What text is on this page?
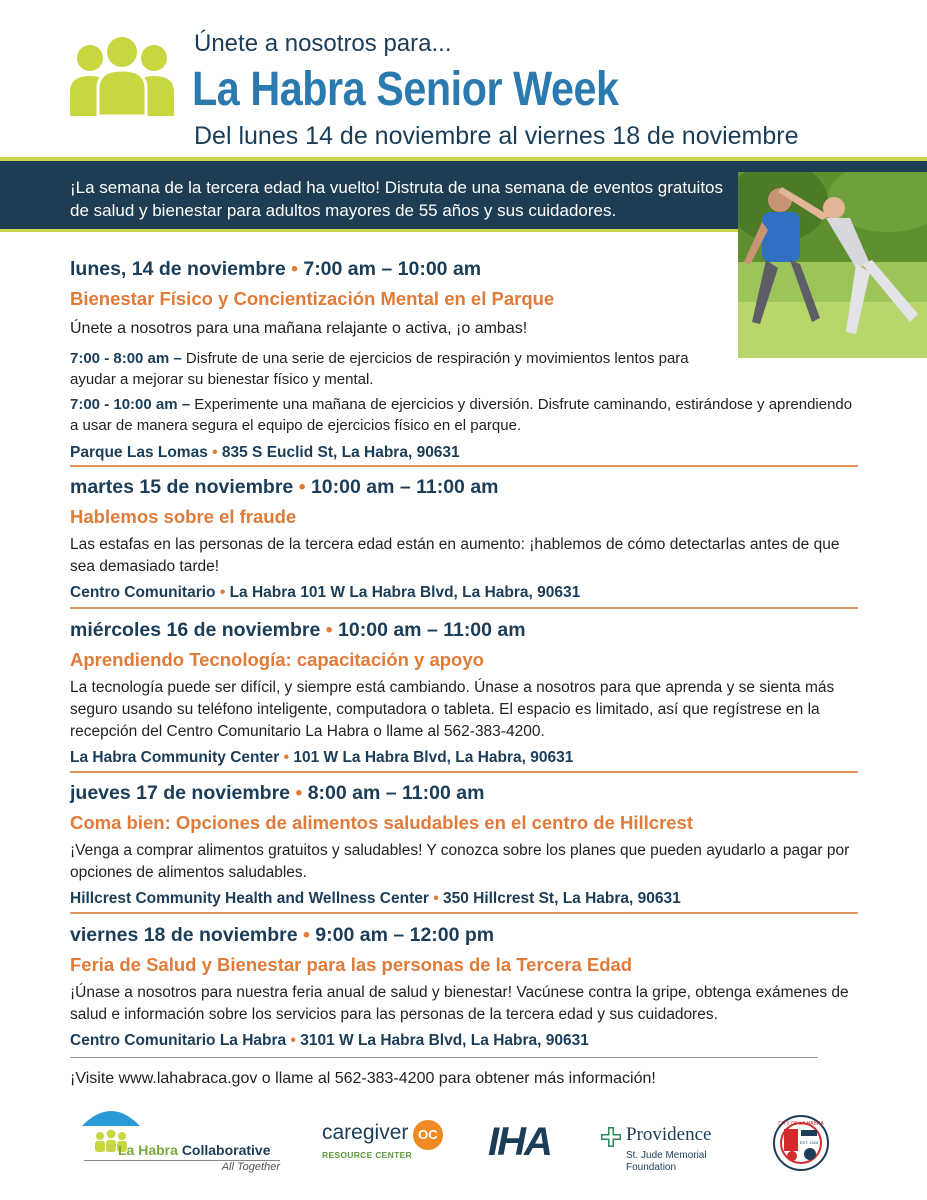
Únete a nosotros para...
La Habra Senior Week
Del lunes 14 de noviembre al viernes 18 de noviembre
¡La semana de la tercera edad ha vuelto! Distruta de una semana de eventos gratuitos de salud y bienestar para adultos mayores de 55 años y sus cuidadores.
lunes, 14 de noviembre • 7:00 am – 10:00 am
Bienestar Físico y Concientización Mental en el Parque
Únete a nosotros para una mañana relajante o activa, ¡o ambas!
7:00 - 8:00 am – Disfrute de una serie de ejercicios de respiración y movimientos lentos para ayudar a mejorar su bienestar físico y mental.
7:00 - 10:00 am – Experimente una mañana de ejercicios y diversión. Disfrute caminando, estirándose y aprendiendo a usar de manera segura el equipo de ejercicios físico en el parque.
Parque Las Lomas • 835 S Euclid St, La Habra, 90631
martes 15 de noviembre • 10:00 am – 11:00 am
Hablemos sobre el fraude
Las estafas en las personas de la tercera edad están en aumento: ¡hablemos de cómo detectarlas antes de que sea demasiado tarde!
Centro Comunitario • La Habra 101 W La Habra Blvd, La Habra, 90631
miércoles 16 de noviembre • 10:00 am – 11:00 am
Aprendiendo Tecnología: capacitación y apoyo
La tecnología puede ser difícil, y siempre está cambiando. Únase a nosotros para que aprenda y se sienta más seguro usando su teléfono inteligente, computadora o tableta. El espacio es limitado, así que regístrese en la recepción del Centro Comunitario La Habra o llame al 562-383-4200.
La Habra Community Center • 101 W La Habra Blvd, La Habra, 90631
jueves 17 de noviembre • 8:00 am – 11:00 am
Coma bien: Opciones de alimentos saludables en el centro de Hillcrest
¡Venga a comprar alimentos gratuitos y saludables! Y conozca sobre los planes que pueden ayudarlo a pagar por opciones de alimentos saludables.
Hillcrest Community Health and Wellness Center • 350 Hillcrest St, La Habra, 90631
viernes 18 de noviembre • 9:00 am – 12:00 pm
Feria de Salud y Bienestar para las personas de la Tercera Edad
¡Únase a nosotros para nuestra feria anual de salud y bienestar! Vacúnese contra la gripe, obtenga exámenes de salud e información sobre los servicios para las personas de la tercera edad y sus cuidadores.
Centro Comunitario La Habra • 3101 W La Habra Blvd, La Habra, 90631
¡Visite www.lahabraca.gov o llame al 562-383-4200 para obtener más información!
La Habra Collaborative
All Together
caregiver OC
RESOURCE CENTER	IHA	Providence
St. Jude Memorial
Foundation
CITY OF LA HABRA
EST. 1925
